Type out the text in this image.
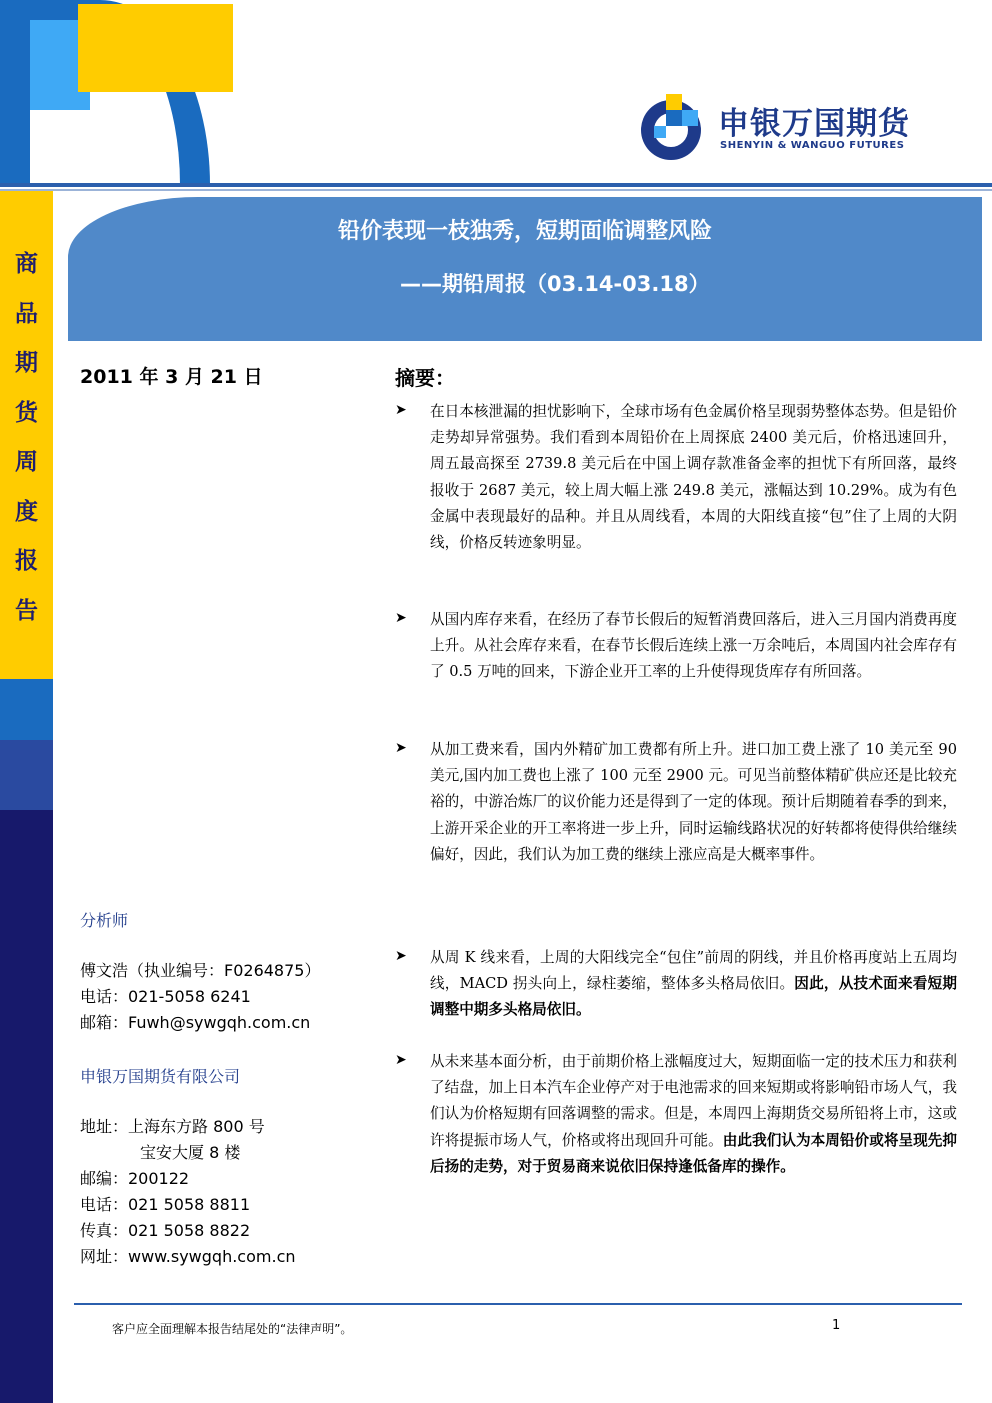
申银万国期货
SHENYIN & WANGUO FUTURES
商
品
期
货
周
度
报
告
铅价表现一枝独秀，短期面临调整风险
——期铅周报（03.14-03.18）
2011 年 3 月 21 日
分析师
傅文浩（执业编号：F0264875）
电话：021-5058 6241
邮箱：Fuwh@sywgqh.com.cn
申银万国期货有限公司
地址：上海东方路 800 号
宝安大厦 8 楼
邮编：200122
电话：021 5058 8811
传真：021 5058 8822
网址：www.sywgqh.com.cn
摘要：
➤ 在日本核泄漏的担忧影响下，全球市场有色金属价格呈现弱势整体态势。但是铅价走势却异常强势。我们看到本周铅价在上周探底 2400 美元后，价格迅速回升，周五最高探至 2739.8 美元后在中国上调存款准备金率的担忧下有所回落，最终报收于 2687 美元，较上周大幅上涨 249.8 美元，涨幅达到 10.29%。成为有色金属中表现最好的品种。并且从周线看，本周的大阳线直接“包”住了上周的大阴线，价格反转迹象明显。
➤ 从国内库存来看，在经历了春节长假后的短暂消费回落后，进入三月国内消费再度上升。从社会库存来看，在春节长假后连续上涨一万余吨后，本周国内社会库存有了 0.5 万吨的回来，下游企业开工率的上升使得现货库存有所回落。
➤ 从加工费来看，国内外精矿加工费都有所上升。进口加工费上涨了 10 美元至 90 美元,国内加工费也上涨了 100 元至 2900 元。可见当前整体精矿供应还是比较充裕的，中游冶炼厂的议价能力还是得到了一定的体现。预计后期随着春季的到来，上游开采企业的开工率将进一步上升，同时运输线路状况的好转都将使得供给继续偏好，因此，我们认为加工费的继续上涨应高是大概率事件。
➤ 从周 K 线来看，上周的大阳线完全“包住”前周的阴线，并且价格再度站上五周均线，MACD 拐头向上，绿柱萎缩，整体多头格局依旧。因此，从技术面来看短期调整中期多头格局依旧。
➤ 从未来基本面分析，由于前期价格上涨幅度过大，短期面临一定的技术压力和获利了结盘，加上日本汽车企业停产对于电池需求的回来短期或将影响铅市场人气，我们认为价格短期有回落调整的需求。但是，本周四上海期货交易所铅将上市，这或许将提振市场人气，价格或将出现回升可能。由此我们认为本周铅价或将呈现先抑后扬的走势，对于贸易商来说依旧保持逢低备库的操作。
客户应全面理解本报告结尾处的“法律声明”。	1
